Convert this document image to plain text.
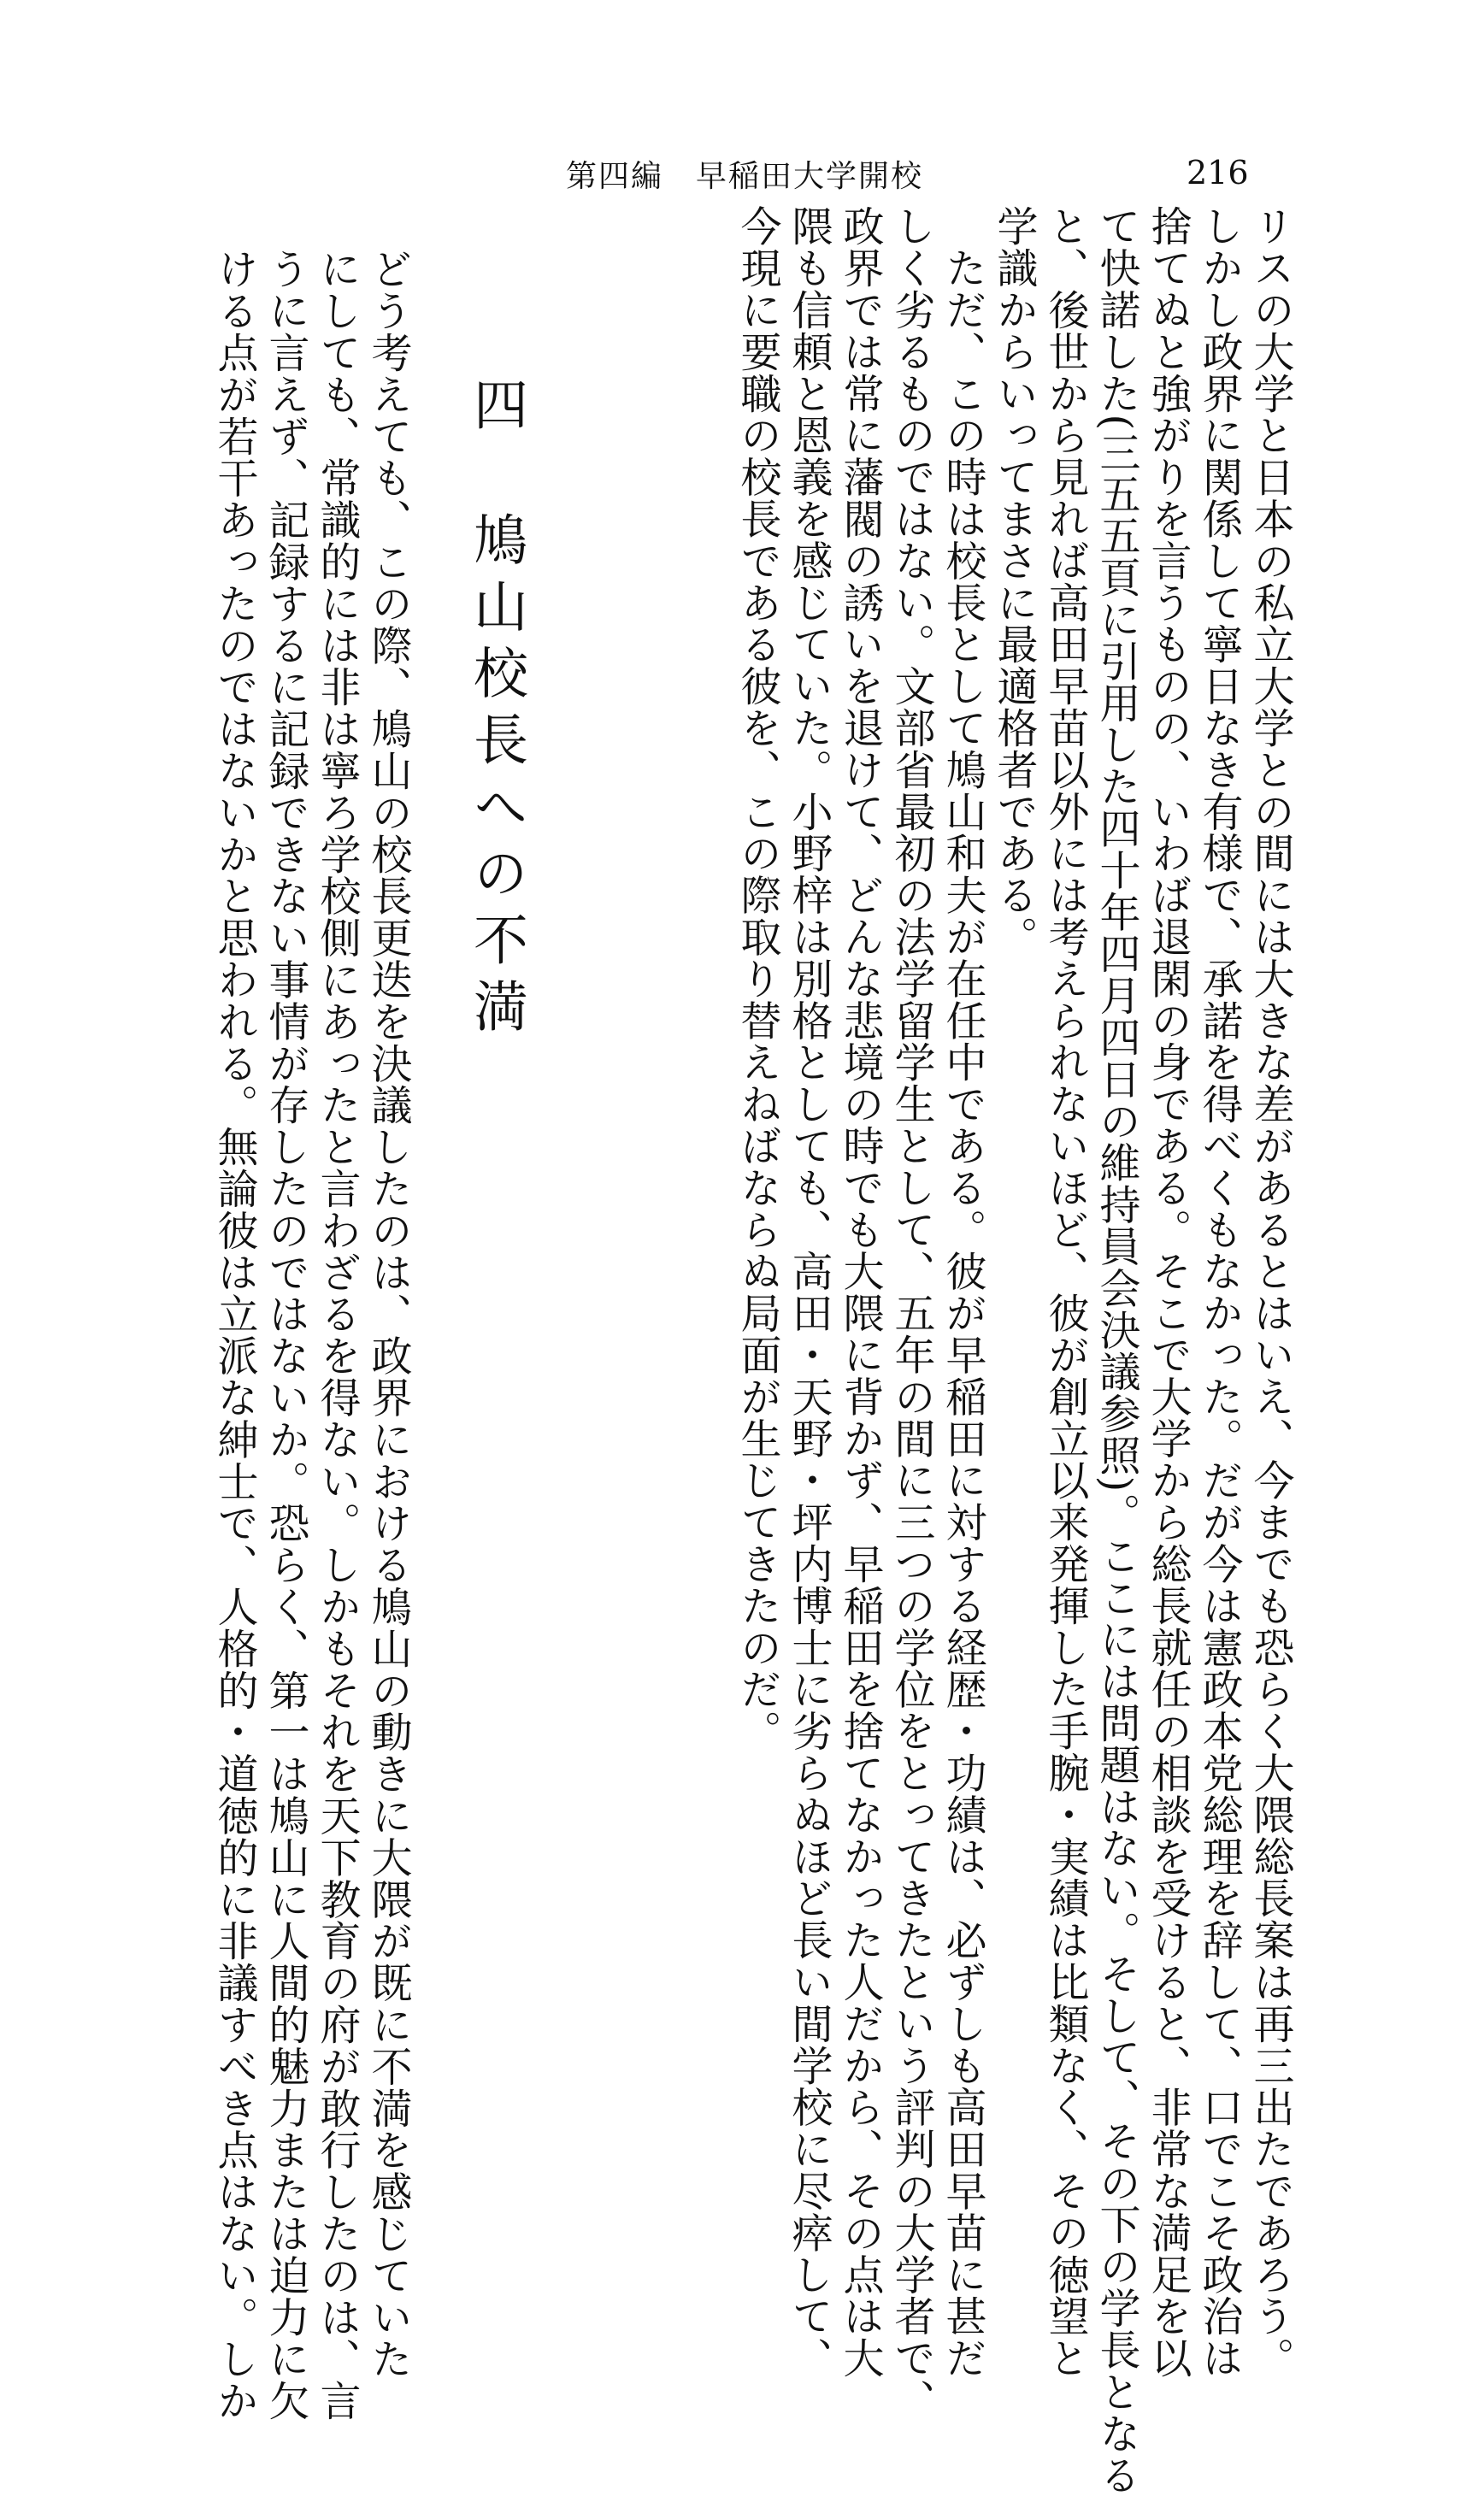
第四編　早稲田大学開校	216
リスの大学と日本の私立大学との間には大きな差があるとはいえ、今までも恐らく大隈総長案は再三出たであろう。
しかし政界に関係して寧日なき有様で、承諾を得べくもなかった。だが今は憲政本党総理を辞して、口でこそ政治は
捨てぬと強がりを言うものの、いわば退閑の身である。そこで大学から総長就任の相談を受けると、非常な満足を以
て快諾した(三五五頁に引用した四十年四月四日の維持員会決議参照)。ここには問題はない。そして、その下の学長となる
と、後世から見れば高田早苗以外には考えられないほど、彼が創立以来発揮した手腕・実績は比類なく、その徳望と
学識からいってまさに最適格者である。
　ただ、この時は校長として鳩山和夫が在任中である。彼が早稲田に対する経歴・功績は、必ずしも高田早苗に甚だ
しく劣るものではない。文部省最初の法学留学生として、五年の間に三つの学位をとってきたという評判の大学者で、
政界では常に藩閥の誘いを退けて、どんな悲境の時でも大隈に背かず、早稲田を捨てなかった人だから、その点は大
隈も信頼と恩義を感じていた。小野梓は別格としても、高田・天野・坪内博士に劣らぬほど長い間学校に尽瘁して、
今現に要職の校長である彼を、この際取り替えねばならぬ局面が生じてきたのだ。
四 鳩山校長への不満
どう考えても、この際、鳩山の校長更迭を決議したのは、政界における鳩山の動きに大隈が既に不満を感じていた
にしても、常識的には非は寧ろ学校側にあったと言わざるを得ない。しかもそれを天下教育の府が敢行したのは、言
うに言えず、記録するに記録できない事情が存したのではないか。恐らく、第一は鳩山に人間的魅力または迫力に欠
ける点が若干あったのではないかと思われる。無論彼は立派な紳士で、人格的・道徳的に非議すべき点はない。しか
